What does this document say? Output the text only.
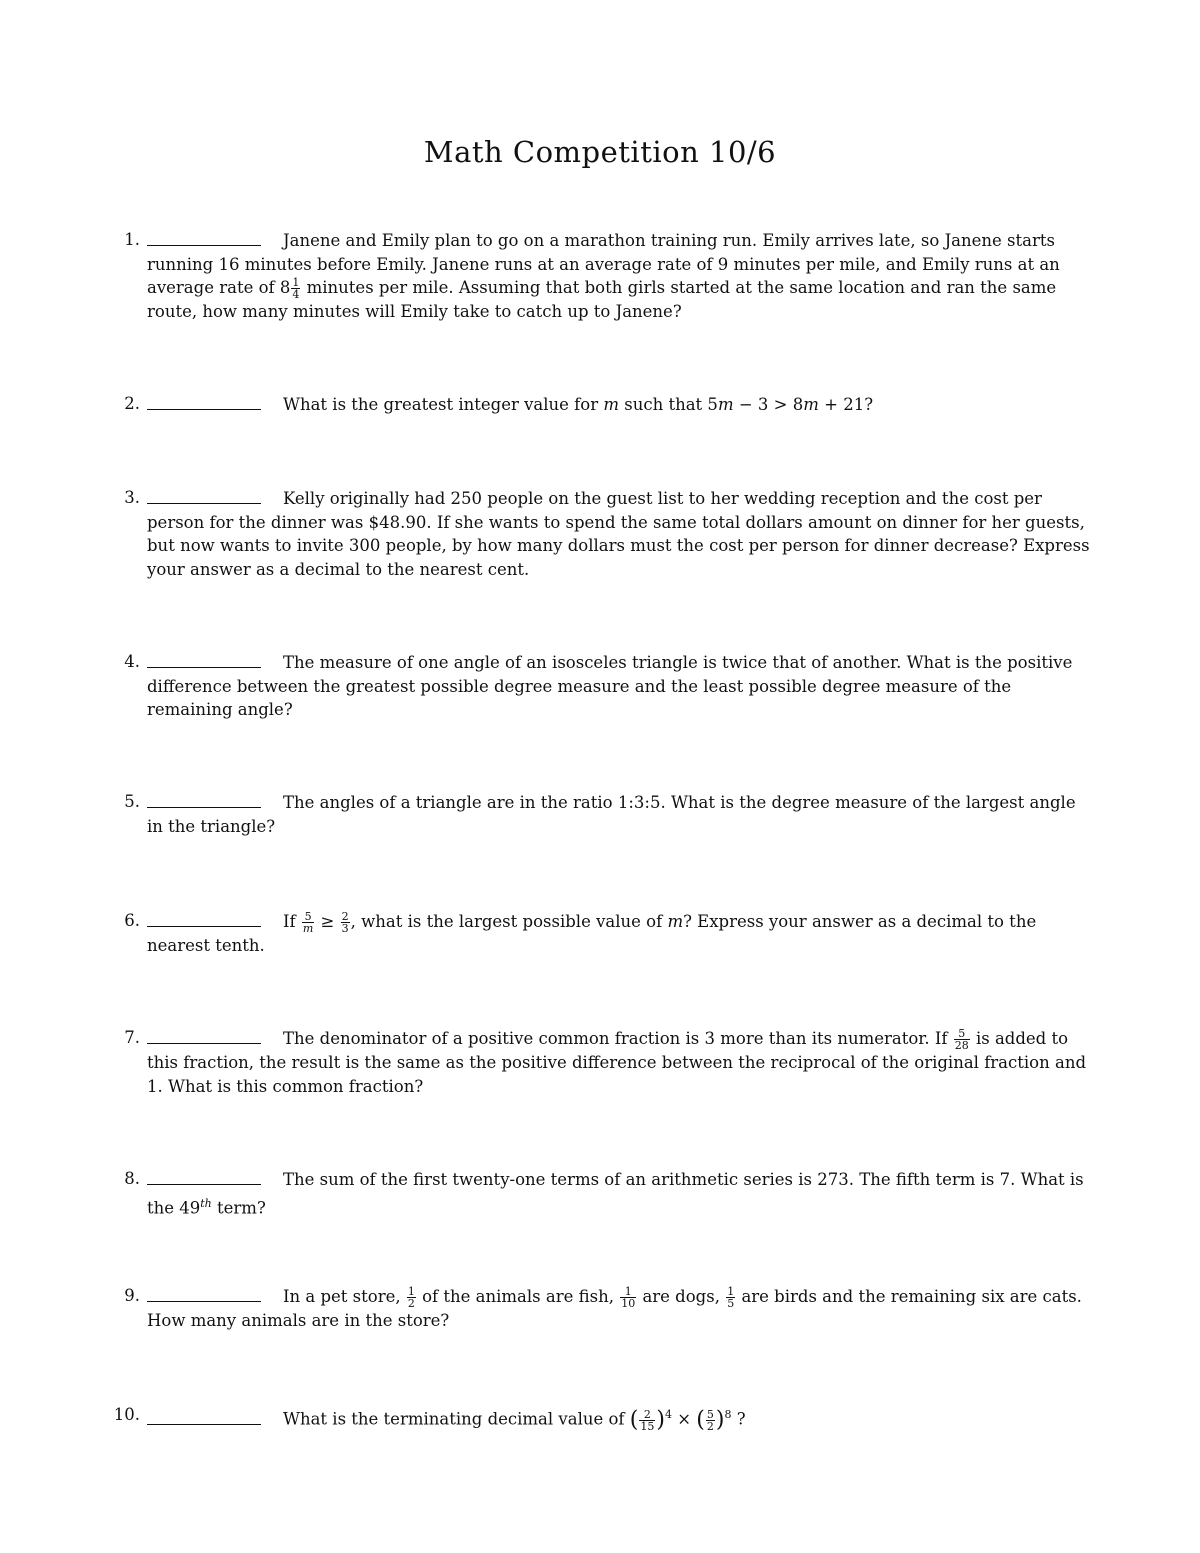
Math Competition 10/6
1.	Janene and Emily plan to go on a marathon training run. Emily arrives late, so Janene starts running 16 minutes before Emily. Janene runs at an average rate of 9 minutes per mile, and Emily runs at an average rate of $8 \frac{1}{4}$ minutes per mile. Assuming that both girls started at the same location and ran the same route, how many minutes will Emily take to catch up to Janene?
2.	What is the greatest integer value for m such that 5m − 3 > 8m + 21?
3.	Kelly originally had 250 people on the guest list to her wedding reception and the cost per person for the dinner was $48.90. If she wants to spend the same total dollars amount on dinner for her guests, but now wants to invite 300 people, by how many dollars must the cost per person for dinner decrease? Express your answer as a decimal to the nearest cent.
4.	The measure of one angle of an isosceles triangle is twice that of another. What is the positive difference between the greatest possible degree measure and the least possible degree measure of the remaining angle?
5.	The angles of a triangle are in the ratio 1:3:5. What is the degree measure of the largest angle in the triangle?
6.	If $\frac{5}{m} \ge \frac{2}{3}$ , what is the largest possible value of m? Express your answer as a decimal to the nearest tenth.
7.	The denominator of a positive common fraction is 3 more than its numerator. If $\frac{5}{28}$ is added to this fraction, the result is the same as the positive difference between the reciprocal of the original fraction and 1. What is this common fraction?
8.	The sum of the first twenty-one terms of an arithmetic series is 273. The fifth term is 7. What is the 49th term?
9.	In a pet store, $\frac{1}{2}$ of the animals are fish, $\frac{1}{10}$ are dogs, $\frac{1}{5}$ are birds and the remaining six are cats. How many animals are in the store?
10.	What is the terminating decimal value of ( $\frac{2}{15} )^4$ × ( $\frac{5}{2} )^8$ ?
